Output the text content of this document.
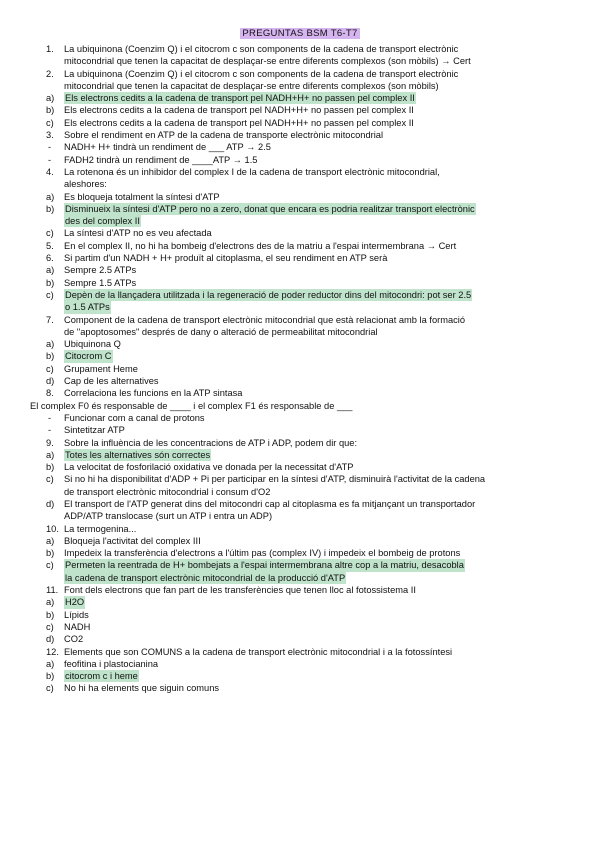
PREGUNTAS BSM T6-T7
1. La ubiquinona (Coenzim Q) i el citocrom c son components de la cadena de transport electrònic
mitocondrial que tenen la capacitat de desplaçar-se entre diferents complexos (son mòbils) → Cert
2. La ubiquinona (Coenzim Q) i el citocrom c son components de la cadena de transport electrònic
mitocondrial que tenen la capacitat de desplaçar-se entre diferents complexos (son mòbils)
a) Els electrons cedits a la cadena de transport pel NADH+H+ no passen pel complex II
b) Els electrons cedits a la cadena de transport pel NADH+H+ no passen pel complex II
c) Els electrons cedits a la cadena de transport pel NADH+H+ no passen pel complex II
3. Sobre el rendiment en ATP de la cadena de transporte electrònic mitocondrial
- NADH+ H+ tindrà un rendiment de ___ ATP → 2.5
- FADH2 tindrà un rendiment de ____ATP → 1.5
4. La rotenona és un inhibidor del complex I de la cadena de transport electrònic mitocondrial,
aleshores:
a) Es bloqueja totalment la síntesi d'ATP
b) Disminueix la síntesi d'ATP pero no a zero, donat que encara es podria realitzar transport electrònic
des del complex II
c) La síntesi d'ATP no es veu afectada
5. En el complex II, no hi ha bombeig d'electrons des de la matriu a l'espai intermembrana → Cert
6. Si partim d'un NADH + H+ produït al citoplasma, el seu rendiment en ATP serà
a) Sempre 2.5 ATPs
b) Sempre 1.5 ATPs
c) Depèn de la llançadera utilitzada i la regeneració de poder reductor dins del mitocondri: pot ser 2.5
o 1.5 ATPs
7. Component de la cadena de transport electrònic mitocondrial que està relacionat amb la formació
de "apoptosomes" després de dany o alteració de permeabilitat mitocondrial
a) Ubiquinona Q
b) Citocrom C
c) Grupament Heme
d) Cap de les alternatives
8. Correlaciona les funcions en la ATP sintasa
El complex F0 és responsable de ____ i el complex F1 és responsable de ___
- Funcionar com a canal de protons
- Sintetitzar ATP
9. Sobre la influència de les concentracions de ATP i ADP, podem dir que:
a) Totes les alternatives són correctes
b) La velocitat de fosforilació oxidativa ve donada per la necessitat d'ATP
c) Si no hi ha disponibilitat d'ADP + Pi per participar en la síntesi d'ATP, disminuirà l'activitat de la cadena
de transport electrònic mitocondrial i consum d'O2
d) El transport de l'ATP generat dins del mitocondri cap al citoplasma es fa mitjançant un transportador
ADP/ATP translocase (surt un ATP i entra un ADP)
10. La termogenina...
a) Bloqueja l'activitat del complex III
b) Impedeix la transferència d'electrons a l'últim pas (complex IV) i impedeix el bombeig de protons
c) Permeten la reentrada de H+ bombejats a l'espai intermembrana altre cop a la matriu, desacobla
la cadena de transport electrònic mitocondrial de la producció d'ATP
11. Font dels electrons que fan part de les transferències que tenen lloc al fotossistema II
a) H2O
b) Lípids
c) NADH
d) CO2
12. Elements que son COMUNS a la cadena de transport electrònic mitocondrial i a la fotossíntesi
a) feofitina i plastocianina
b) citocrom c i heme
c) No hi ha elements que siguin comuns
